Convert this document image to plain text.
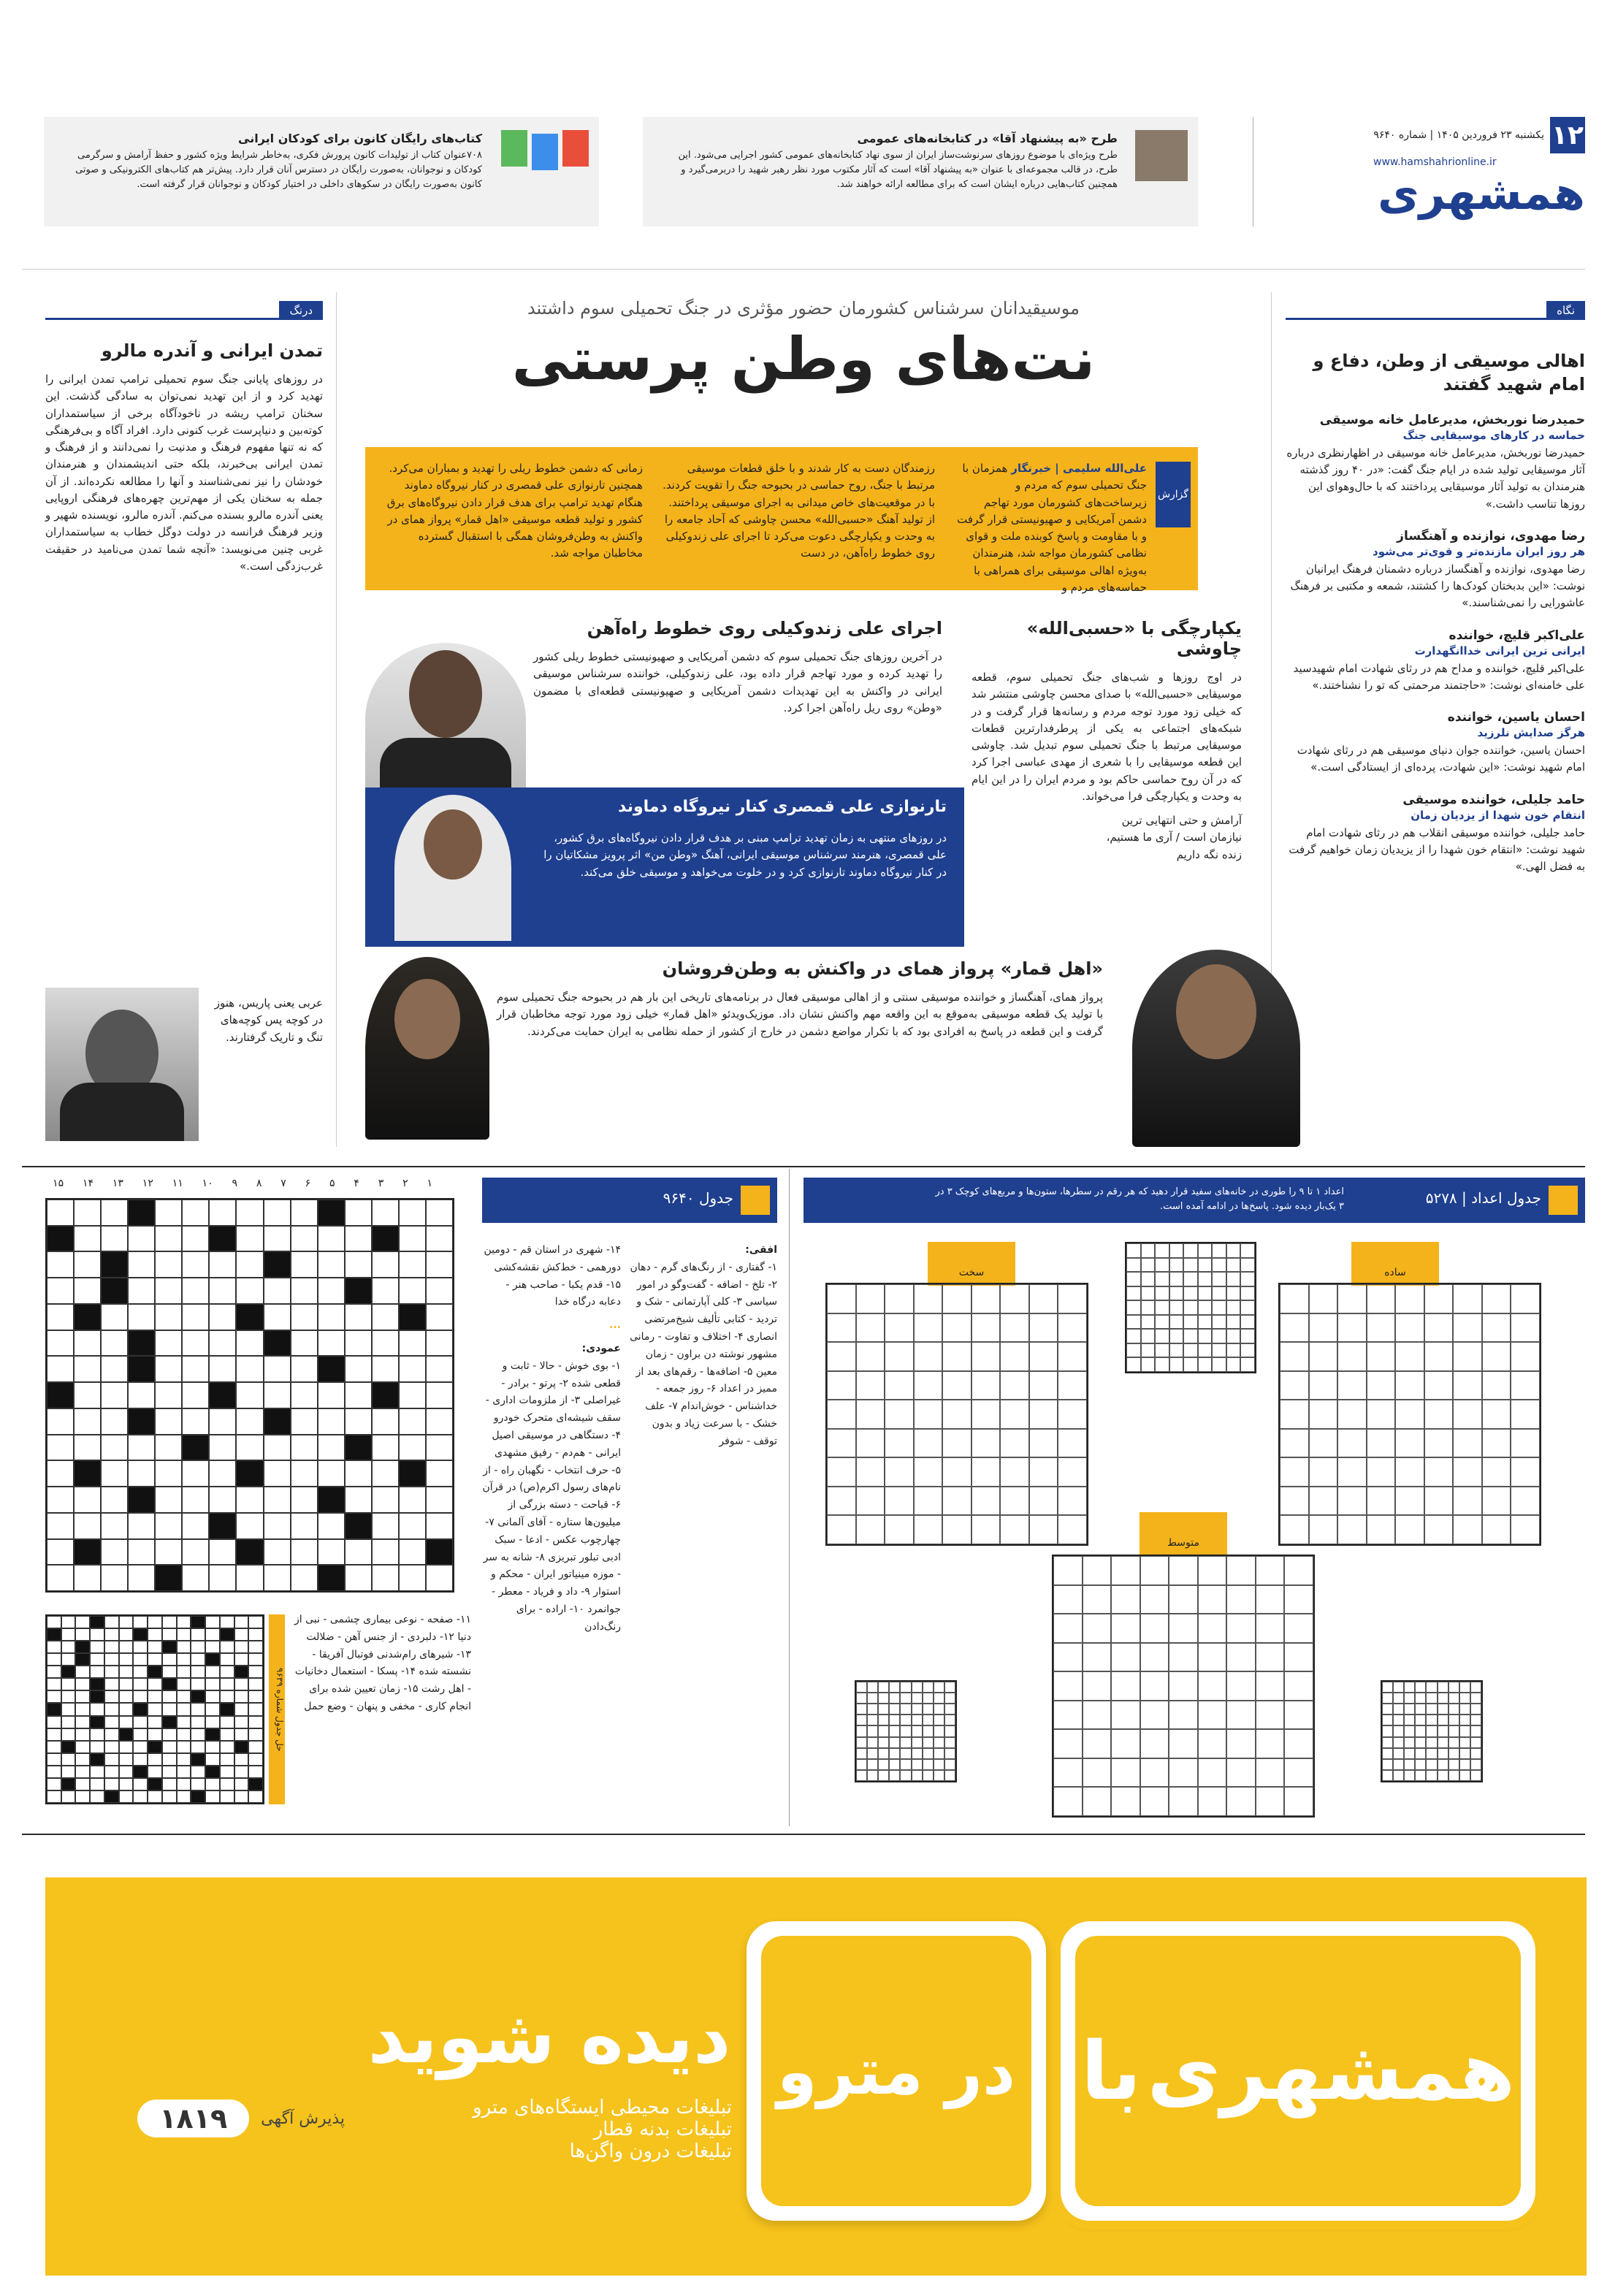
۱۲
یکشنبه ۲۳ فروردین ۱۴۰۵ | شماره ۹۶۴۰
www.hamshahrionline.ir
همشهری
طرح «به پیشنهاد آقا» در کتابخانه‌های عمومی
طرح ویژه‌ای با موضوع روزهای سرنوشت‌ساز ایران از سوی نهاد کتابخانه‌های عمومی کشور اجرایی می‌شود. این طرح، در قالب مجموعه‌ای با عنوان «به پیشنهاد آقا» است که آثار مکتوب مورد نظر رهبر شهید را دربرمی‌گیرد و همچنین کتاب‌هایی درباره ایشان است که برای مطالعه ارائه خواهند شد.
کتاب‌های رایگان کانون برای کودکان ایرانی
۷۰۸عنوان کتاب از تولیدات کانون پرورش فکری، به‌خاطر شرایط ویژه کشور و حفظ آرامش و سرگرمی کودکان و نوجوانان، به‌صورت رایگان در دسترس آنان قرار دارد. پیش‌تر هم کتاب‌های الکترونیکی و صوتی کانون به‌صورت رایگان در سکوهای داخلی در اختیار کودکان و نوجوانان قرار گرفته است.
نگاه
اهالی موسیقی از وطن، دفاع و امام شهید گفتند
حمیدرضا نوربخش، مدیرعامل خانه موسیقی
حماسه در کارهای موسیقایی جنگ
حمیدرضا نوربخش، مدیرعامل خانه موسیقی در اظهارنظری درباره آثار موسیقایی تولید شده در ایام جنگ گفت: «در ۴۰ روز گذشته هنرمندان به تولید آثار موسیقایی پرداختند که با حال‌وهوای این روزها تناسب داشت.»
رضا مهدوی، نوازنده و آهنگساز
هر روز ایران مازنده‌تر و قوی‌تر می‌شود
رضا مهدوی، نوازنده و آهنگساز درباره دشمنان فرهنگ ایرانیان نوشت: «این بدبختان کودک‌ها را کشتند، شمعه و مکتبی بر فرهنگ عاشورایی را نمی‌شناسند.»
علی‌اکبر قلیچ، خواننده
ایرانی ترین ایرانی خداانگهدارت
علی‌اکبر قلیچ، خواننده و مداح هم در رثای شهادت امام شهیدسید علی خامنه‌ای نوشت: «حاجتمند مرحمتی که تو را نشناختند.»
احسان یاسین، خواننده
هرگز صدایش نلرزید
احسان یاسین، خواننده جوان دنیای موسیقی هم در رثای شهادت امام شهید نوشت: «این شهادت، پرده‌ای از ایستادگی است.»
حامد جلیلی، خواننده موسیقی
انتقام خون شهدا از یزدیان زمان
حامد جلیلی، خواننده موسیقی انقلاب هم در رثای شهادت امام شهید نوشت: «انتقام خون شهدا را از یزیدیان زمان خواهیم گرفت به فضل الهی.»
درنگ
تمدن ایرانی و آندره مالرو
در روزهای پایانی جنگ سوم تحمیلی ترامپ تمدن ایرانی را تهدید کرد و از این تهدید نمی‌توان به سادگی گذشت. این سخنان ترامپ ریشه در ناخودآگاه برخی از سیاستمداران کوته‌بین و دنیاپرست غرب کنونی دارد. افراد آگاه و بی‌فرهنگی که نه تنها مفهوم فرهنگ و مدنیت را نمی‌دانند و از فرهنگ و تمدن ایرانی بی‌خبرند، بلکه حتی اندیشمندان و هنرمندان خودشان را نیز نمی‌شناسند و آنها را مطالعه نکرده‌اند. از آن جمله به سخنان یکی از مهم‌ترین چهره‌های فرهنگی اروپایی یعنی آندره مالرو بسنده می‌کنم. آندره مالرو، نویسنده شهیر و وزیر فرهنگ فرانسه در دولت دوگل خطاب به سیاستمداران غربی چنین می‌نویسد: «آنچه شما تمدن می‌نامید در حقیقت غرب‌زدگی است.»
عربی یعنی پاریس، هنوز در کوچه پس کوچه‌های تنگ و تاریک گرفتارند.
موسیقیدانان سرشناس کشورمان حضور مؤثری در جنگ تحمیلی سوم داشتند
نت‌های وطن پرستی
گزارش
علی‌الله سلیمی | خبرنگار همزمان با جنگ تحمیلی سوم که مردم و زیرساخت‌های کشورمان مورد تهاجم دشمن آمریکایی و صهیونیستی قرار گرفت و با مقاومت و پاسخ کوبنده ملت و قوای نظامی کشورمان مواجه شد، هنرمندان به‌ویژه اهالی موسیقی برای همراهی با حماسه‌های مردم و
رزمندگان دست به کار شدند و با خلق قطعات موسیقی مرتبط با جنگ، روح حماسی در بحبوحه جنگ را تقویت کردند. با در موقعیت‌های خاص میدانی به اجرای موسیقی پرداختند. از تولید آهنگ «حسبی‌الله» محسن چاوشی که آحاد جامعه را به وحدت و یکپارچگی دعوت می‌کرد تا اجرای علی زندوکیلی روی خطوط راه‌آهن، در دست
زمانی که دشمن خطوط ریلی را تهدید و بمباران می‌کرد. همچنین تارنوازی علی قمصری در کنار نیروگاه دماوند هنگام تهدید ترامپ برای هدف قرار دادن نیروگاه‌های برق کشور و تولید قطعه موسیقی «اهل قمار» پرواز همای در واکنش به وطن‌فروشان همگی با استقبال گسترده مخاطبان مواجه شد.
یکپارچگی با «حسبی‌الله» چاوشی
در اوج روزها و شب‌های جنگ تحمیلی سوم، قطعه موسیقایی «حسبی‌الله» با صدای محسن چاوشی منتشر شد که خیلی زود مورد توجه مردم و رسانه‌ها قرار گرفت و در شبکه‌های اجتماعی به یکی از پرطرفدارترین قطعات موسیقایی مرتبط با جنگ تحمیلی سوم تبدیل شد. چاوشی این قطعه موسیقایی را با شعری از مهدی عباسی اجرا کرد که در آن روح حماسی حاکم بود و مردم ایران را در این ایام به وحدت و یکپارچگی فرا می‌خواند.
آرامش و حتی انتهایی ترین نیازمان است / آری ما هستیم، زنده نگه داریم
اجرای علی زندوکیلی روی خطوط راه‌آهن
در آخرین روزهای جنگ تحمیلی سوم که دشمن آمریکایی و صهیونیستی خطوط ریلی کشور را تهدید کرده و مورد تهاجم قرار داده بود، علی زندوکیلی، خواننده سرشناس موسیقی ایرانی در واکنش به این تهدیدات دشمن آمریکایی و صهیونیستی قطعه‌ای با مضمون «وطن» روی ریل راه‌آهن اجرا کرد.
تارنوازی علی قمصری کنار نیروگاه دماوند
در روزهای منتهی به زمان تهدید ترامپ مبنی بر هدف قرار دادن نیروگاه‌های برق کشور، علی قمصری، هنرمند سرشناس موسیقی ایرانی، آهنگ «وطن من» اثر پرویز مشکاتیان را در کنار نیروگاه دماوند تارنوازی کرد و در خلوت می‌خواهد و موسیقی خلق می‌کند.
«اهل قمار» پرواز همای در واکنش به وطن‌فروشان
پرواز همای، آهنگساز و خواننده موسیقی سنتی و از اهالی موسیقی فعال در برنامه‌های تاریخی این بار هم در بحبوحه جنگ تحمیلی سوم با تولید یک قطعه موسیقی به‌موقع به این واقعه مهم واکنش نشان داد. موزیک‌ویدئو «اهل قمار» خیلی زود مورد توجه مخاطبان قرار گرفت و این قطعه در پاسخ به افرادی بود که با تکرار مواضع دشمن در خارج از کشور از حمله نظامی به ایران حمایت می‌کردند.
جدول اعداد | ۵۲۷۸
اعداد ۱ تا ۹ را طوری در خانه‌های سفید قرار دهید که هر رقم در سطرها، ستون‌ها و مربع‌های کوچک ۳ در ۳ یک‌بار دیده شود. پاسخ‌ها در ادامه آمده است.
ساده
سخت
متوسط
جدول ۹۶۴۰
افقی:
۱- گفتاری - از رنگ‌های گرم - دهان ۲- تلخ - اضافه - گفت‌وگو در امور سیاسی ۳- کلی آپارتمانی - شک و تردید - کتابی تألیف شیخ‌مرتضی انصاری ۴- اختلاف و تفاوت - رمانی مشهور نوشته دن براون - زمان معین ۵- اضافه‌ها - رقم‌های بعد از ممیز در اعداد ۶- روز جمعه - خداشناس - خوش‌اندام ۷- علف خشک - با سرعت زیاد و بدون توقف - شوفر
۱۴- شهری در استان قم - دومین دورهمی - خط‌کش نقشه‌کشی ۱۵- قدم یکبا - صاحب هنر - دعابه درگاه خدا
...
عمودی:
۱- بوی خوش - حالا - ثابت و قطعی شده ۲- پرتو - برادر - غیراصلی ۳- از ملزومات اداری - سقف شیشه‌ای متحرک خودرو ۴- دستگاهی در موسیقی اصیل ایرانی - هم‌دم - رفیق مشهدی ۵- حرف انتخاب - نگهبان راه - از نام‌های رسول اکرم(ص) در قرآن ۶- قباحت - دسته بزرگی از میلیون‌ها ستاره - آفای آلمانی ۷- چهارچوب عکس - ادعا - سبک ادبی تبلور تبریزی ۸- شانه به سر - موزه مینیاتور ایران - محکم و استوار ۹- داد و فریاد - معطر - جوانمرد ۱۰- اراده - برای رنگ‌دادن
۱۱- صفحه - نوعی بیماری چشمی - نبی از دنیا ۱۲- دلبردی - از جنس آهن - ضلالت ۱۳- شیرهای رام‌شدنی فوتبال آفریقا - نشسته شده ۱۴- پسکا - استعمال دخانیات - اهل رشت ۱۵- زمان تعیین شده برای انجام کاری - مخفی و پنهان - وضع حمل
۱
۲
۳
۴
۵
۶
۷
۸
۹
۱۰
۱۱
۱۲
۱۳
۱۴
۱۵
حل جدول شماره ۹۶۳۹
همشهری
با
در مترو
دیده شوید
تبلیغات محیطی ایستگاه‌های مترو
تبلیغات بدنه قطار
تبلیغات درون واگن‌ها
پذیرش آگهی
۱۸۱۹
